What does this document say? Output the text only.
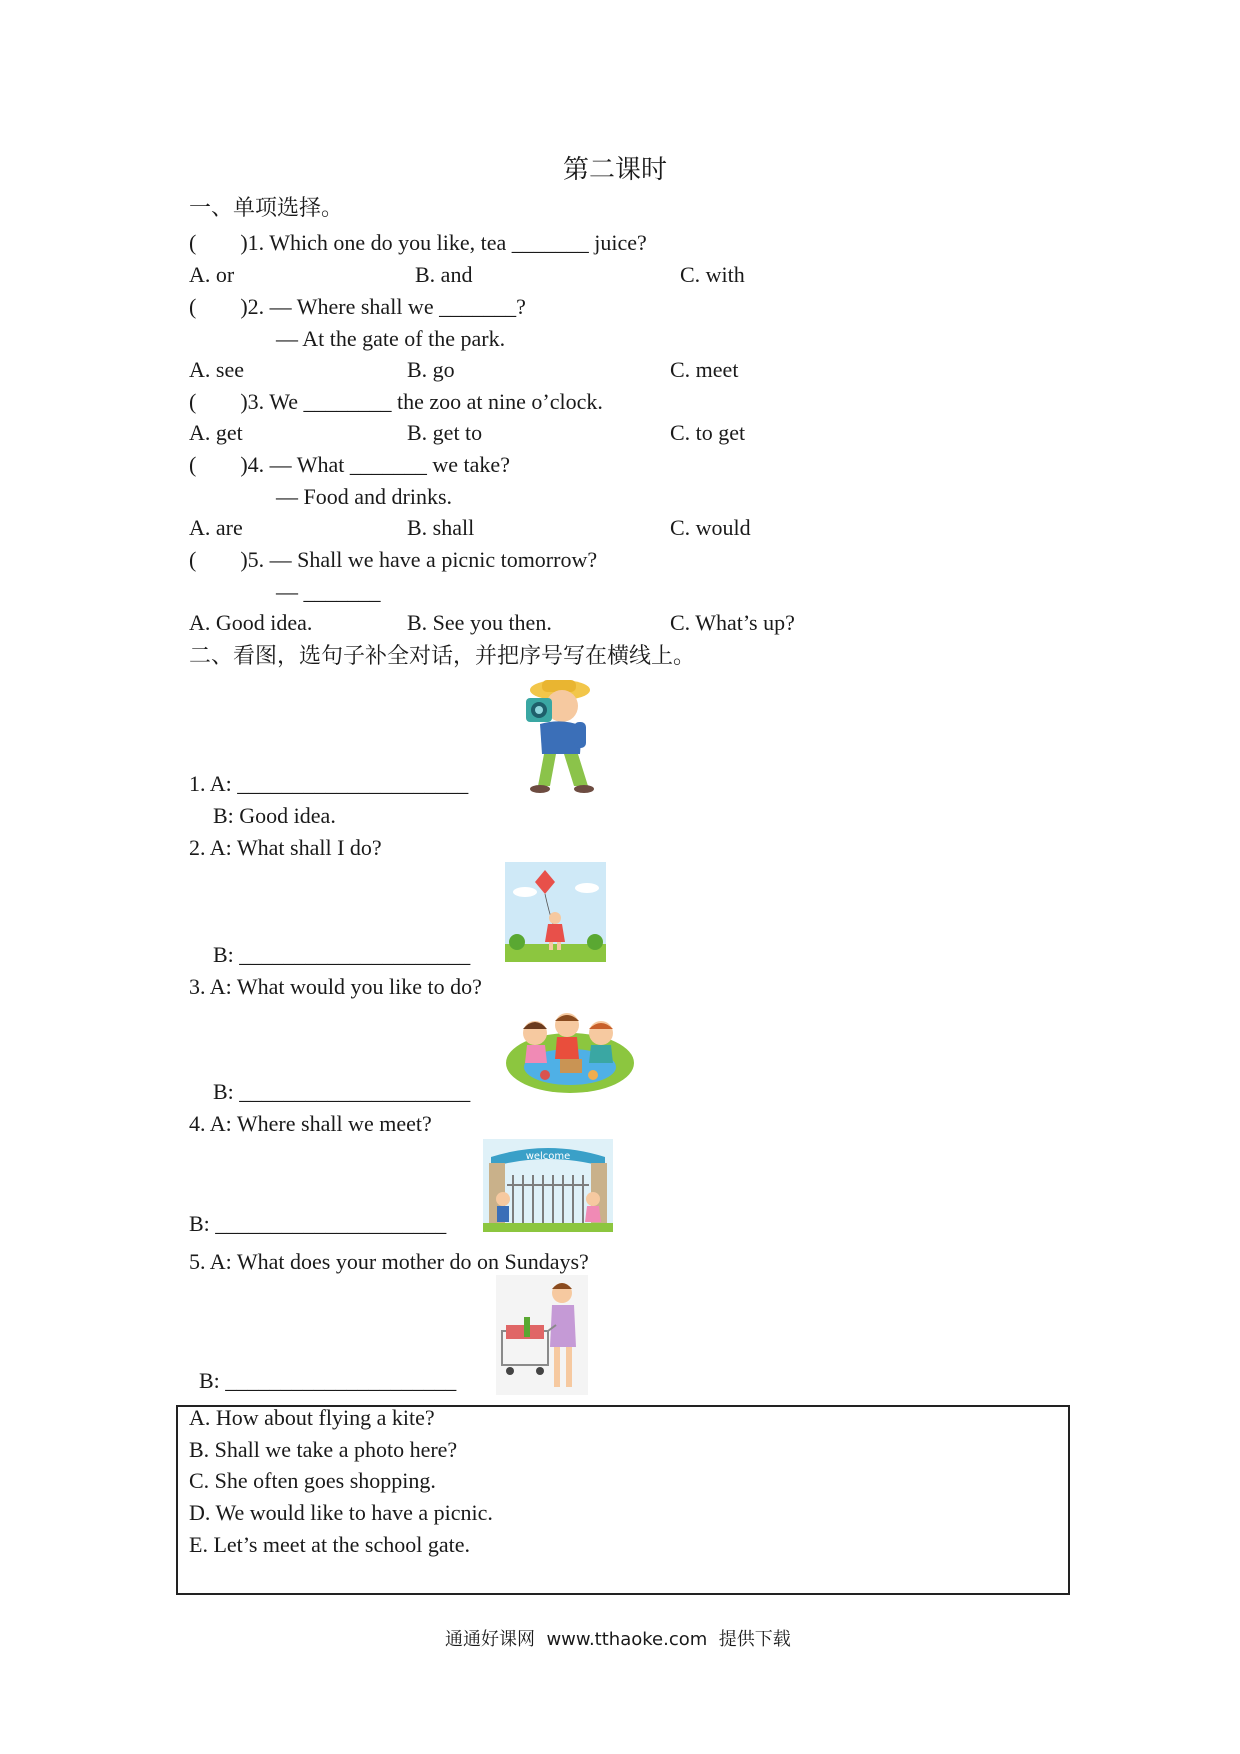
第二课时
一、单项选择。
(        )1. Which one do you like, tea _______ juice?
A. or	B. and	C. with
(        )2. — Where shall we _______?
— At the gate of the park.
A. see	B. go	C. meet
(        )3. We ________ the zoo at nine o’clock.
A. get	B. get to	C. to get
(        )4. — What _______ we take?
— Food and drinks.
A. are	B. shall	C. would
(        )5. — Shall we have a picnic tomorrow?
— _______
A. Good idea.	B. See you then.	C. What’s up?
二、看图，选句子补全对话，并把序号写在横线上。
1. A: _____________________
B: Good idea.
2. A: What shall I do?
B: _____________________
3. A: What would you like to do?
B: _____________________
4. A: Where shall we meet?
welcome
B: _____________________
5. A: What does your mother do on Sundays?
B: _____________________
A. How about flying a kite?
B. Shall we take a photo here?
C. She often goes shopping.
D. We would like to have a picnic.
E. Let’s meet at the school gate.
通通好课网  www.tthaoke.com  提供下载
